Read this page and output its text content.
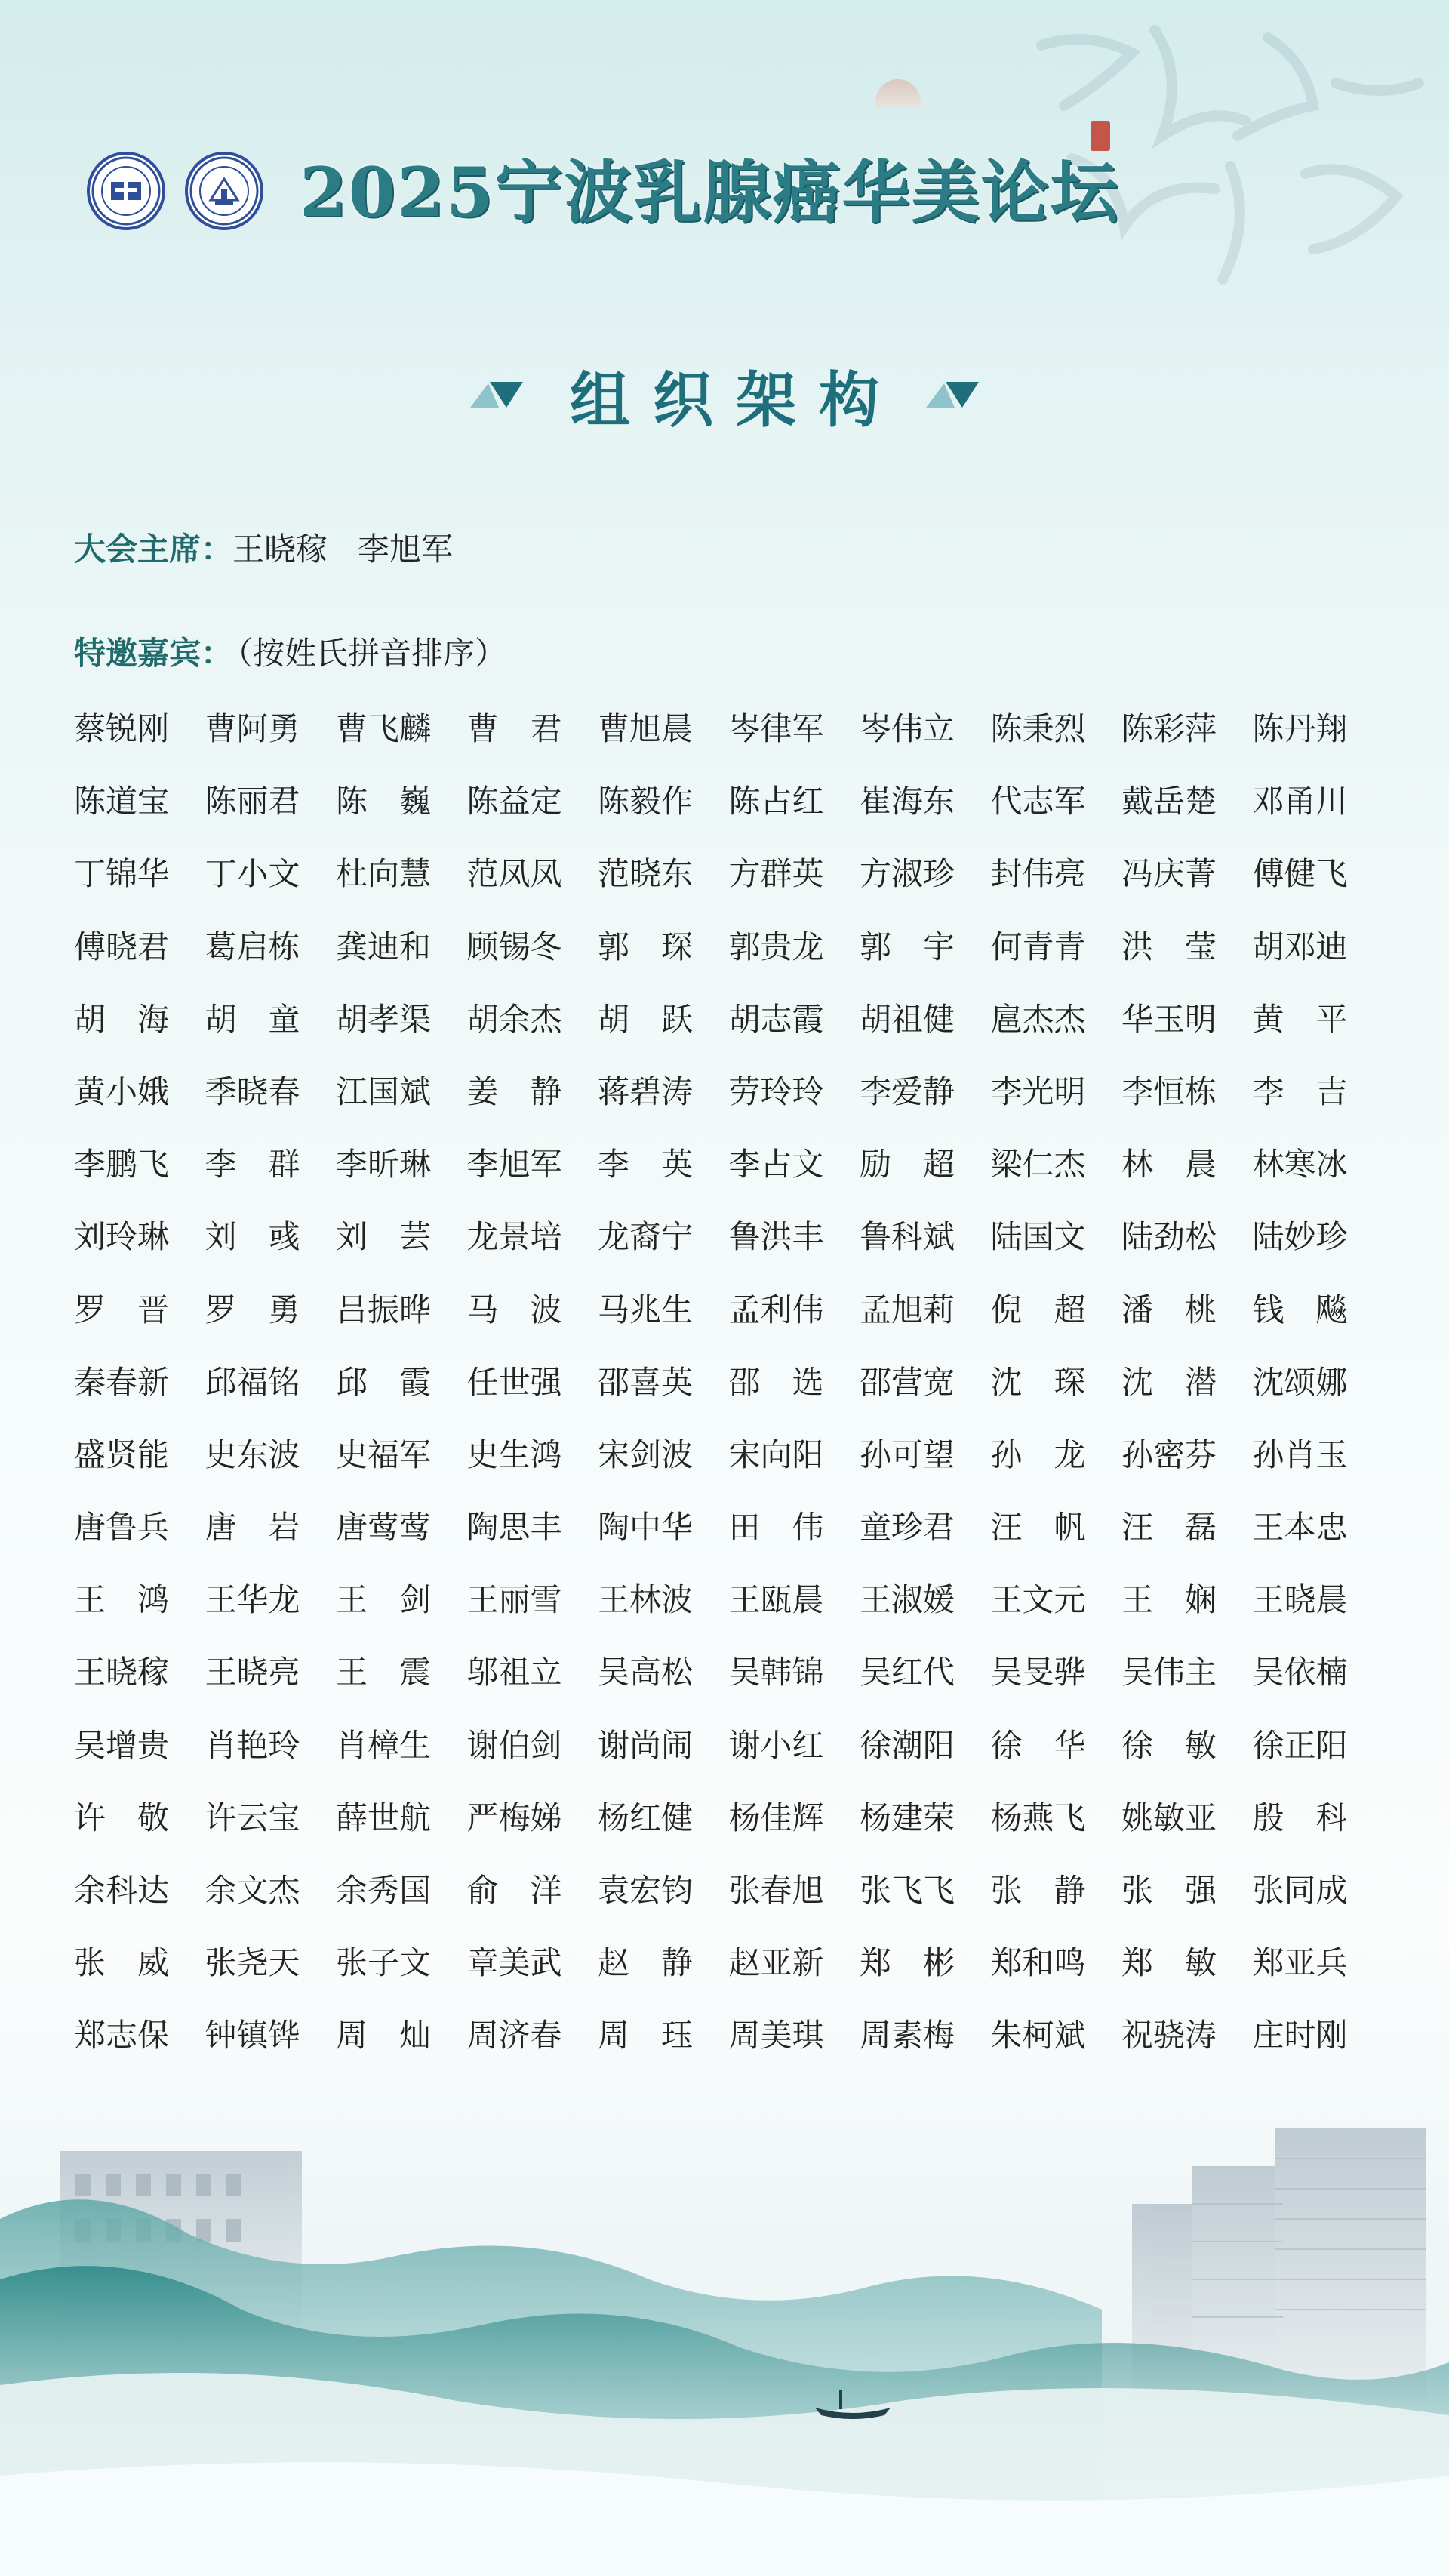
2025宁波乳腺癌华美论坛
组织架构
大会主席：王晓稼 李旭军
特邀嘉宾： （按姓氏拼音排序）
蔡锐刚	曹阿勇	曹飞麟	曹　君	曹旭晨	岑律军	岑伟立	陈秉烈	陈彩萍	陈丹翔
陈道宝	陈丽君	陈　巍	陈益定	陈毅作	陈占红	崔海东	代志军	戴岳楚	邓甬川
丁锦华	丁小文	杜向慧	范凤凤	范晓东	方群英	方淑珍	封伟亮	冯庆菁	傅健飞
傅晓君	葛启栋	龚迪和	顾锡冬	郭　琛	郭贵龙	郭　宇	何青青	洪　莹	胡邓迪
胡　海	胡　童	胡孝渠	胡余杰	胡　跃	胡志霞	胡祖健	扈杰杰	华玉明	黄　平
黄小娥	季晓春	江国斌	姜　静	蒋碧涛	劳玲玲	李爱静	李光明	李恒栋	李　吉
李鹏飞	李　群	李昕琳	李旭军	李　英	李占文	励　超	梁仁杰	林　晨	林寒冰
刘玲琳	刘　彧	刘　芸	龙景培	龙裔宁	鲁洪丰	鲁科斌	陆国文	陆劲松	陆妙珍
罗　晋	罗　勇	吕振晔	马　波	马兆生	孟利伟	孟旭莉	倪　超	潘　桃	钱　飚
秦春新	邱福铭	邱　霞	任世强	邵喜英	邵　选	邵营宽	沈　琛	沈　潜	沈颂娜
盛贤能	史东波	史福军	史生鸿	宋剑波	宋向阳	孙可望	孙　龙	孙密芬	孙肖玉
唐鲁兵	唐　岩	唐莺莺	陶思丰	陶中华	田　伟	童珍君	汪　帆	汪　磊	王本忠
王　鸿	王华龙	王　剑	王丽雪	王林波	王瓯晨	王淑媛	王文元	王　娴	王晓晨
王晓稼	王晓亮	王　震	邬祖立	吴高松	吴韩锦	吴红代	吴旻骅	吴伟主	吴依楠
吴增贵	肖艳玲	肖樟生	谢伯剑	谢尚闹	谢小红	徐潮阳	徐　华	徐　敏	徐正阳
许　敬	许云宝	薛世航	严梅娣	杨红健	杨佳辉	杨建荣	杨燕飞	姚敏亚	殷　科
余科达	余文杰	余秀国	俞　洋	袁宏钧	张春旭	张飞飞	张　静	张　强	张同成
张　威	张尧天	张子文	章美武	赵　静	赵亚新	郑　彬	郑和鸣	郑　敏	郑亚兵
郑志保	钟镇铧	周　灿	周济春	周　珏	周美琪	周素梅	朱柯斌	祝骁涛	庄时刚
